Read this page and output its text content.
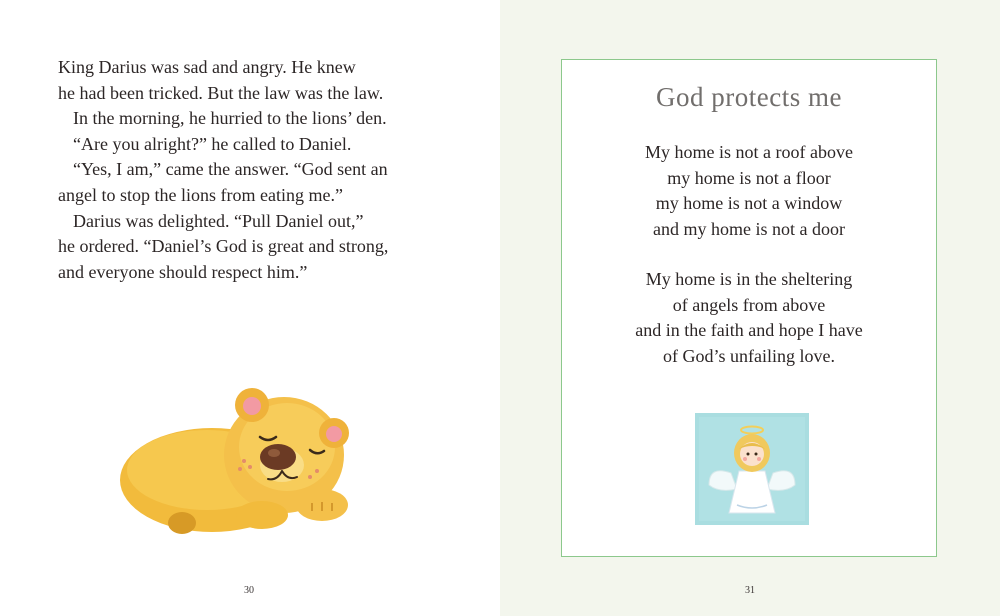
King Darius was sad and angry. He knew
he had been tricked. But the law was the law.
In the morning, he hurried to the lions’ den.
“Are you alright?” he called to Daniel.
“Yes, I am,” came the answer. “God sent an
angel to stop the lions from eating me.”
Darius was delighted. “Pull Daniel out,”
he ordered. “Daniel’s God is great and strong,
and everyone should respect him.”
30
God protects me
My home is not a roof above
my home is not a floor
my home is not a window
and my home is not a door
My home is in the sheltering
of angels from above
and in the faith and hope I have
of God’s unfailing love.
31
